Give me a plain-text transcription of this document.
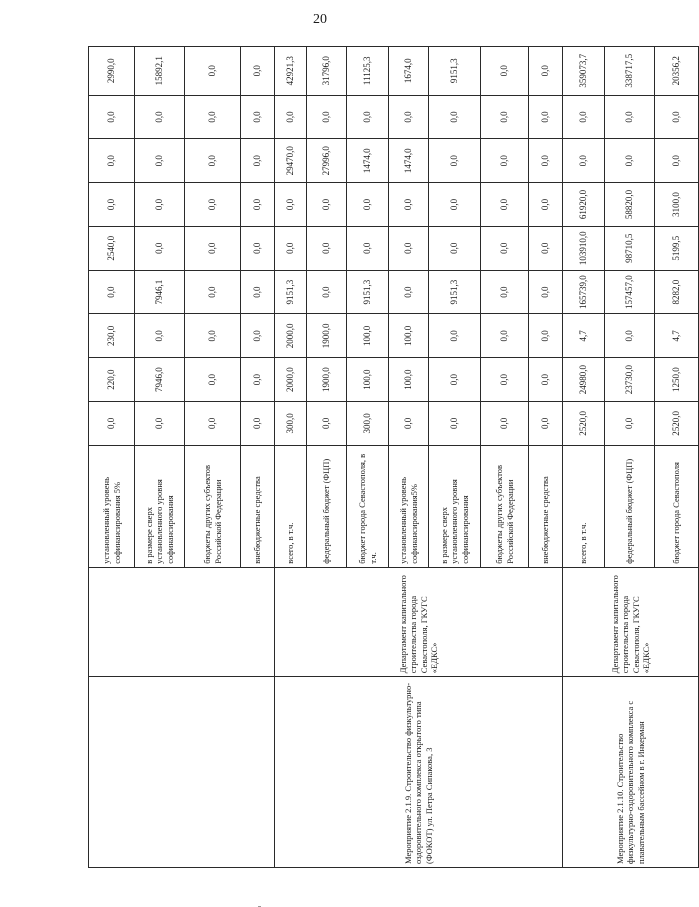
20
		установленный уровень софинансирования 5%	0,0	220,0	230,0	0,0	2540,0	0,0	0,0	0,0	2990,0
		в размере сверх установленного уровня софинансирования	0,0	7946,0	0,0	7946,1	0,0	0,0	0,0	0,0	15892,1
		бюджеты других субъектов Российской Федерации	0,0	0,0	0,0	0,0	0,0	0,0	0,0	0,0	0,0
		внебюджетные средства	0,0	0,0	0,0	0,0	0,0	0,0	0,0	0,0	0,0
Мероприятие 2.1.9. Строительство физкультурно-оздоровительного комплекса открытого типа (ФОКОТ) ул. Петра Сипакова, 3	Департамент капитального строительства города Севастополя, ГКУГС «ЕДКС»	всего, в т.ч.	300,0	2000,0	2000,0	9151,3	0,0	0,0	29470,0	0,0	42921,3
		федеральный бюджет (ФЦП)	0,0	1900,0	1900,0	0,0	0,0	0,0	27996,0	0,0	31796,0
		бюджет города Севастополя, в т.ч.	300,0	100,0	100,0	9151,3	0,0	0,0	1474,0	0,0	11125,3
		установленный уровень софинансирования5%	0,0	100,0	100,0	0,0	0,0	0,0	1474,0	0,0	1674,0
		в размере сверх установленного уровня софинансирования	0,0	0,0	0,0	9151,3	0,0	0,0	0,0	0,0	9151,3
		бюджеты других субъектов Российской Федерации	0,0	0,0	0,0	0,0	0,0	0,0	0,0	0,0	0,0
		внебюджетные средства	0,0	0,0	0,0	0,0	0,0	0,0	0,0	0,0	0,0
Мероприятие 2.1.10. Строительство физкультурно-оздоровительного комплекса с плавательным бассейном в г. Инкерман	Департамент капитального строительства города Севастополя, ГКУГС «ЕДКС»	всего, в т.ч.	2520,0	24980,0	4,7	165739,0	103910,0	61920,0	0,0	0,0	359073,7
		федеральный бюджет (ФЦП)	0,0	23730,0	0,0	157457,0	98710,5	58820,0	0,0	0,0	338717,5
		бюджет города Севастополя	2520,0	1250,0	4,7	8282,0	5199,5	3100,0	0,0	0,0	20356,2
